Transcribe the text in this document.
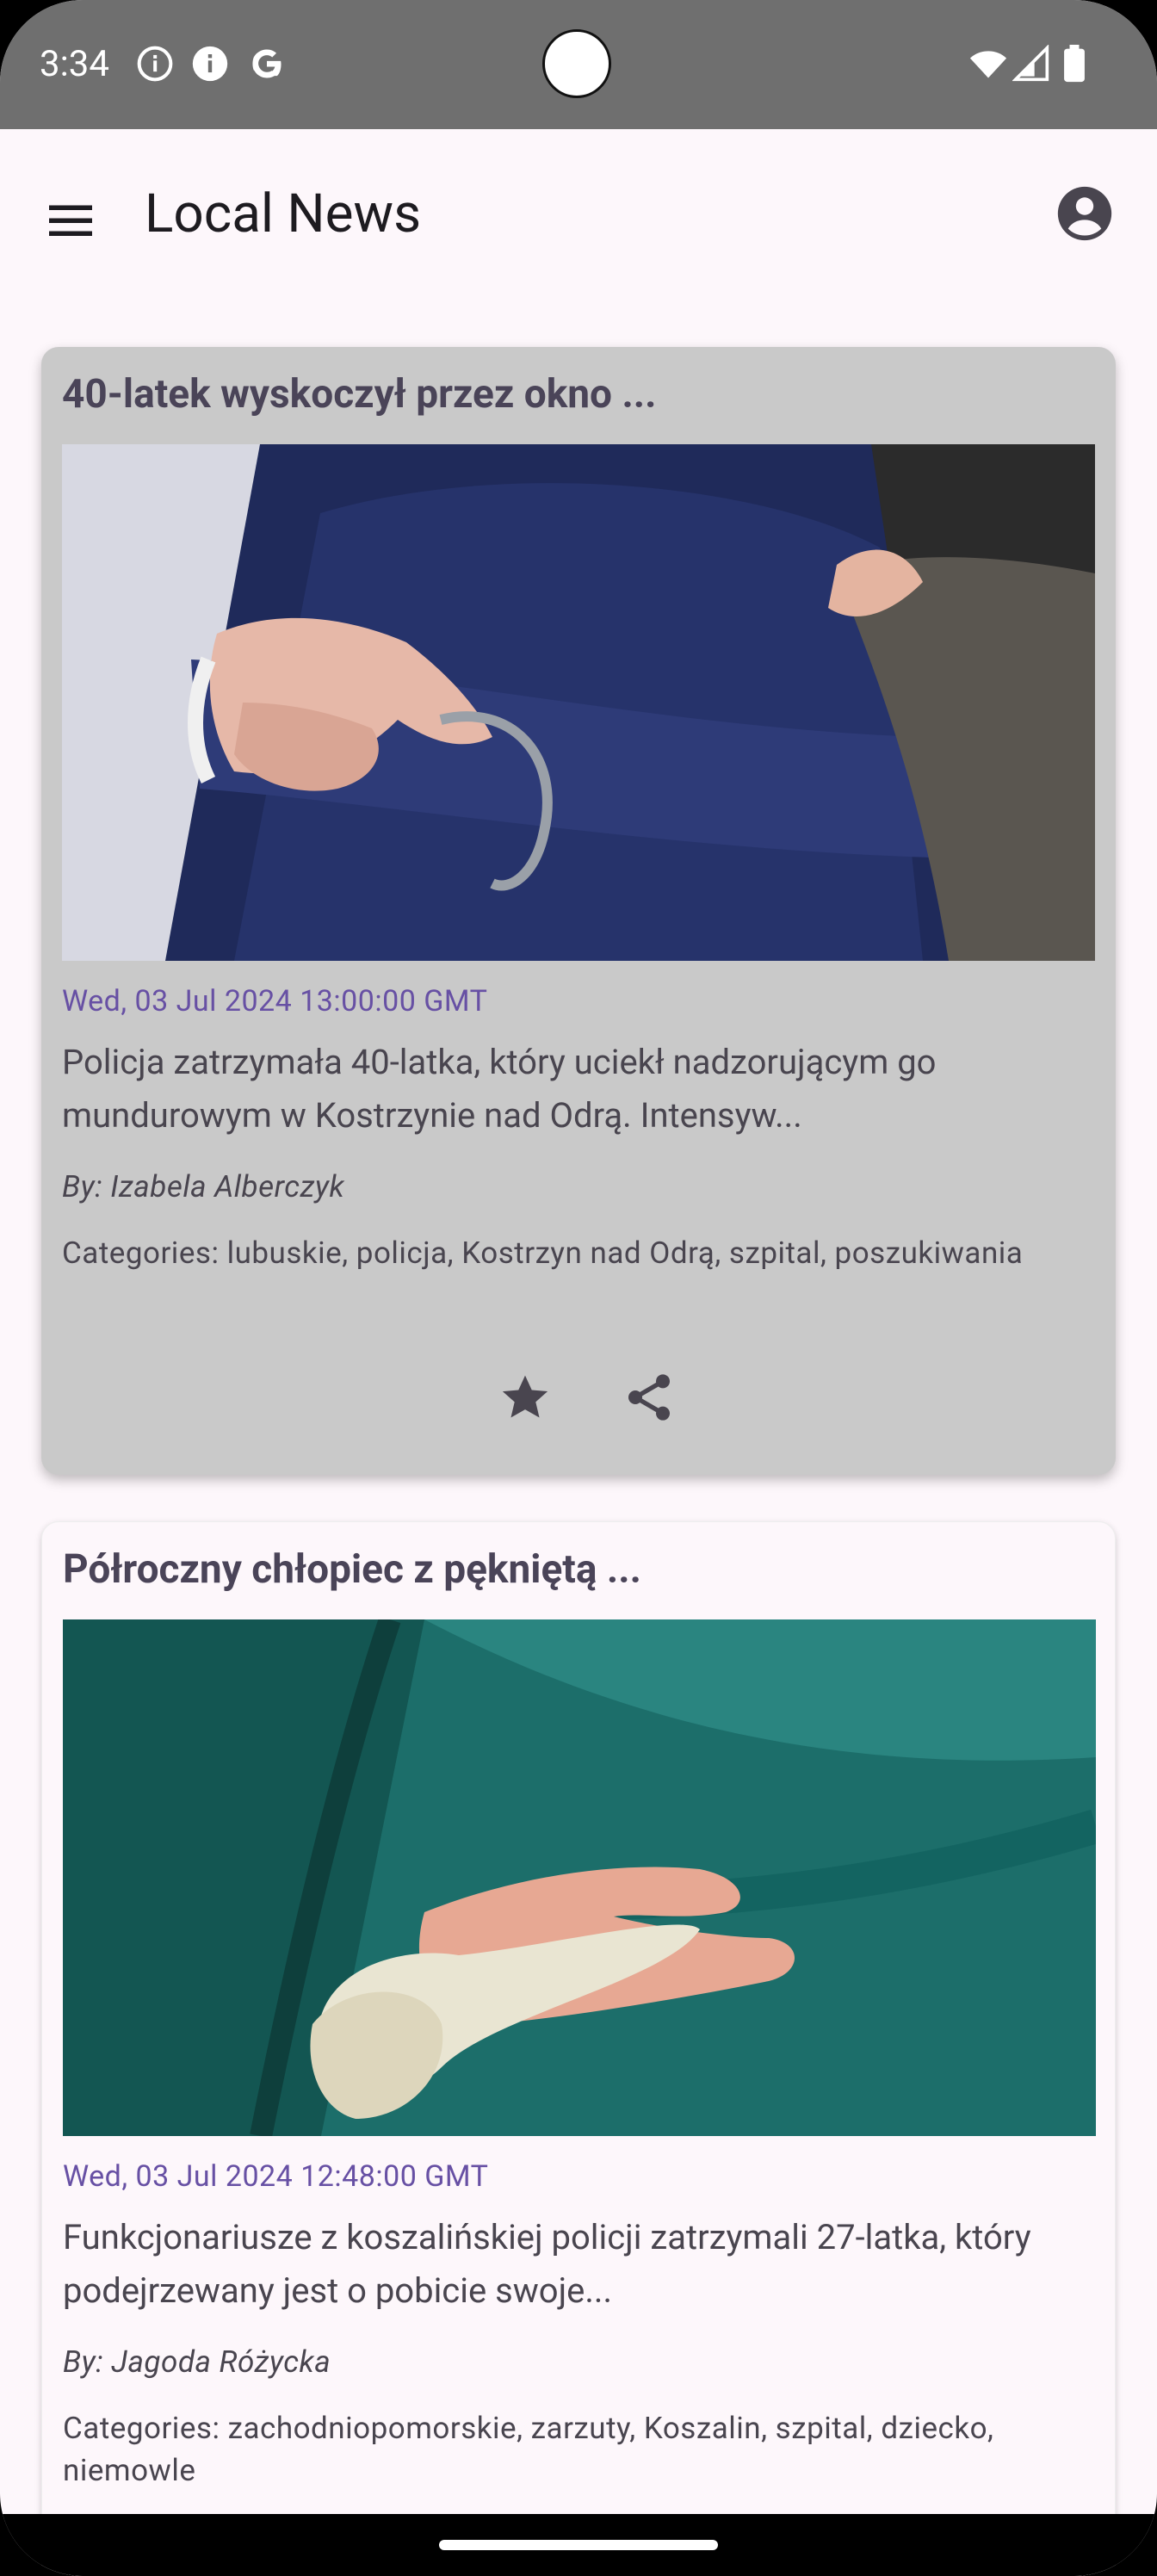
3:34
Local News
40-latek wyskoczył przez okno ...
Wed, 03 Jul 2024 13:00:00 GMT
Policja zatrzymała 40-latka, który uciekł nadzorującym go mundurowym w Kostrzynie nad Odrą. Intensyw...
By: Izabela Alberczyk
Categories: lubuskie, policja, Kostrzyn nad Odrą, szpital, poszukiwania
Półroczny chłopiec z pękniętą ...
Wed, 03 Jul 2024 12:48:00 GMT
Funkcjonariusze z koszalińskiej policji zatrzymali 27-latka, który podejrzewany jest o pobicie swoje...
By: Jagoda Różycka
Categories: zachodniopomorskie, zarzuty, Koszalin, szpital, dziecko, niemowle
